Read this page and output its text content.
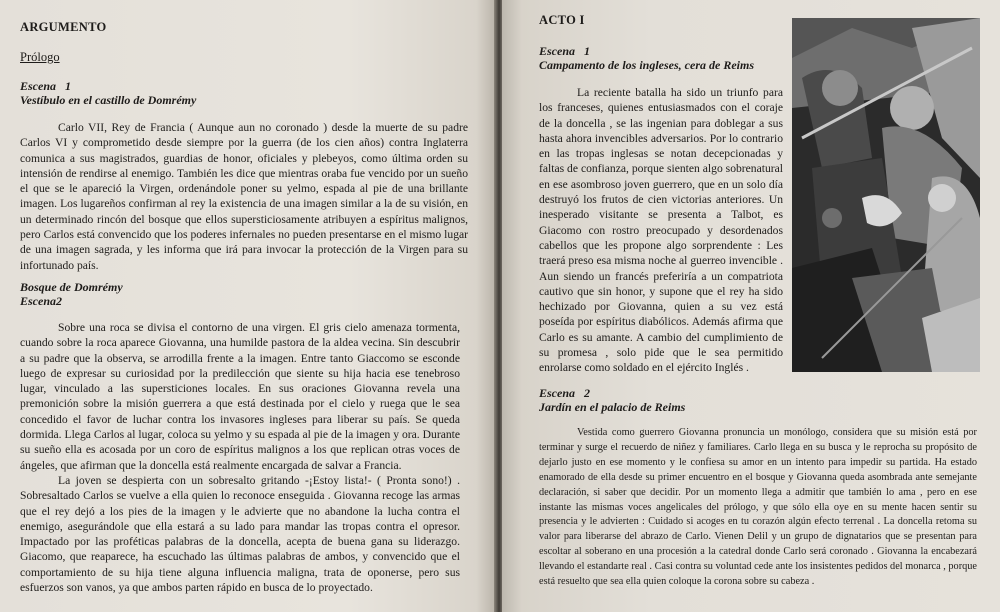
ARGUMENTO
Prólogo
Escena   1
Vestíbulo en el castillo de Domrémy

Carlo VII, Rey de Francia ( Aunque aun no coronado ) desde la muerte de su padre Carlos VI y comprometido desde siempre por la guerra (de los cien años) contra Inglaterra comunica a sus magistrados, guardias de honor, oficiales y plebeyos, como última orden su intensión de rendirse al enemigo. También les dice que mientras oraba fue vencido por un sueño el que se le apareció la Virgen, ordenándole poner su yelmo, espada al pie de una brillante imagen. Los lugareños confirman al rey la existencia de una imagen similar a la de su visión, en un determinado rincón del bosque que ellos supersticiosamente atribuyen a espíritus malignos, pero Carlos está convencido que los poderes infernales no pueden presentarse en el mismo lugar de una imagen sagrada, y les informa que irá para invocar la protección de la Virgen para su infortunado país.

Bosque de Domrémy
Escena2

Sobre una roca se divisa el contorno de una virgen. El gris cielo amenaza tormenta, cuando sobre la roca aparece Giovanna, una humilde pastora de la aldea vecina. Sin descubrir a su padre que la observa, se arrodilla frente a la imagen. Entre tanto Giaccomo se esconde luego de expresar su curiosidad por la predilección que siente su hija hacia ese tenebroso lugar, vinculado a las supersticiones locales. En sus oraciones Giovanna revela una premonición sobre la misión guerrera a que está destinada por el cielo y ruega que le sea concedido el favor de luchar contra los invasores ingleses para liberar su país. Se queda dormida. Llega Carlos al lugar, coloca su yelmo y su espada al pie de la imagen y ora. Durante su sueño ella es acosada por un coro de espíritus malignos a los que replican otras voces de ángeles, que afirman que la doncella está realmente encargada de salvar a Francia.

La joven se despierta con un sobresalto gritando -¡Estoy lista!- ( Pronta sono!) . Sobresaltado Carlos se vuelve a ella quien lo reconoce enseguida . Giovanna recoge las armas que el rey dejó a los pies de la imagen y le advierte que no abandone la lucha contra el enemigo, asegurándole que ella estará a su lado para mandar las tropas contra el opresor. Impactado por las proféticas palabras de la doncella, acepta de buena gana su liderazgo. Giacomo, que reaparece, ha escuchado las últimas palabras de ambos, y convencido que el comportamiento de su hija tiene alguna influencia maligna, trata de oponerse, pero sus esfuerzos son vanos, ya que ambos parten rápido en busca de lo proyectado.

ACTO I
Escena   1
Campamento de los ingleses, cera de Reims

La reciente batalla ha sido un triunfo para los franceses, quienes entusiasmados con el coraje de la doncella , se las ingenian para doblegar a sus hasta ahora invencibles adversarios. Por lo contrario en las tropas inglesas se notan decepcionadas y faltas de confianza, porque sienten algo sobrenatural en ese asombroso joven guerrero, que en un solo día destruyó los frutos de cien victorias anteriores. Un inesperado visitante se presenta a Talbot, es Giacomo con rostro preocupado y desordenados cabellos que les propone algo sorprendente : Les traerá preso esa misma noche al guerreo invencible . Aun siendo un francés preferiría a un compatriota cautivo que sin honor, y supone que el rey ha sido hechizado por Giovanna, quien a su vez está poseída por espíritus diabólicos. Además afirma que Carlo es su amante. A cambio del cumplimiento de su promesa , solo pide que le sea permitido enrolarse como soldado en el ejército Inglés .

Escena   2
Jardín en el palacio de Reims

Vestida como guerrero Giovanna pronuncia un monólogo, considera que su misión está por terminar y surge el recuerdo de niñez y familiares. Carlo llega en su busca y le reprocha su propósito de dejarlo justo en ese momento y le confiesa su amor en un intento para impedir su partida. Ha estado enamorado de ella desde su primer encuentro en el bosque y Giovanna queda asombrada ante semejante declaración, si saber que decidir. Por un momento llega a admitir que también lo ama , pero en ese instante las mismas voces angelicales del prólogo, y que sólo ella oye en su mente hacen sentir su presencia y le advierten : Cuidado si acoges en tu corazón algún efecto terrenal . La doncella retoma su valor para liberarse del abrazo de Carlo. Vienen Delil y un grupo de dignatarios que se presentan para escoltar al soberano en una procesión a la catedral donde Carlo será coronado . Giovanna la encabezará llevando el estandarte real . Casi contra su voluntad cede ante los insistentes pedidos del monarca , porque está resuelto que sea ella quien coloque la corona sobre su cabeza .
